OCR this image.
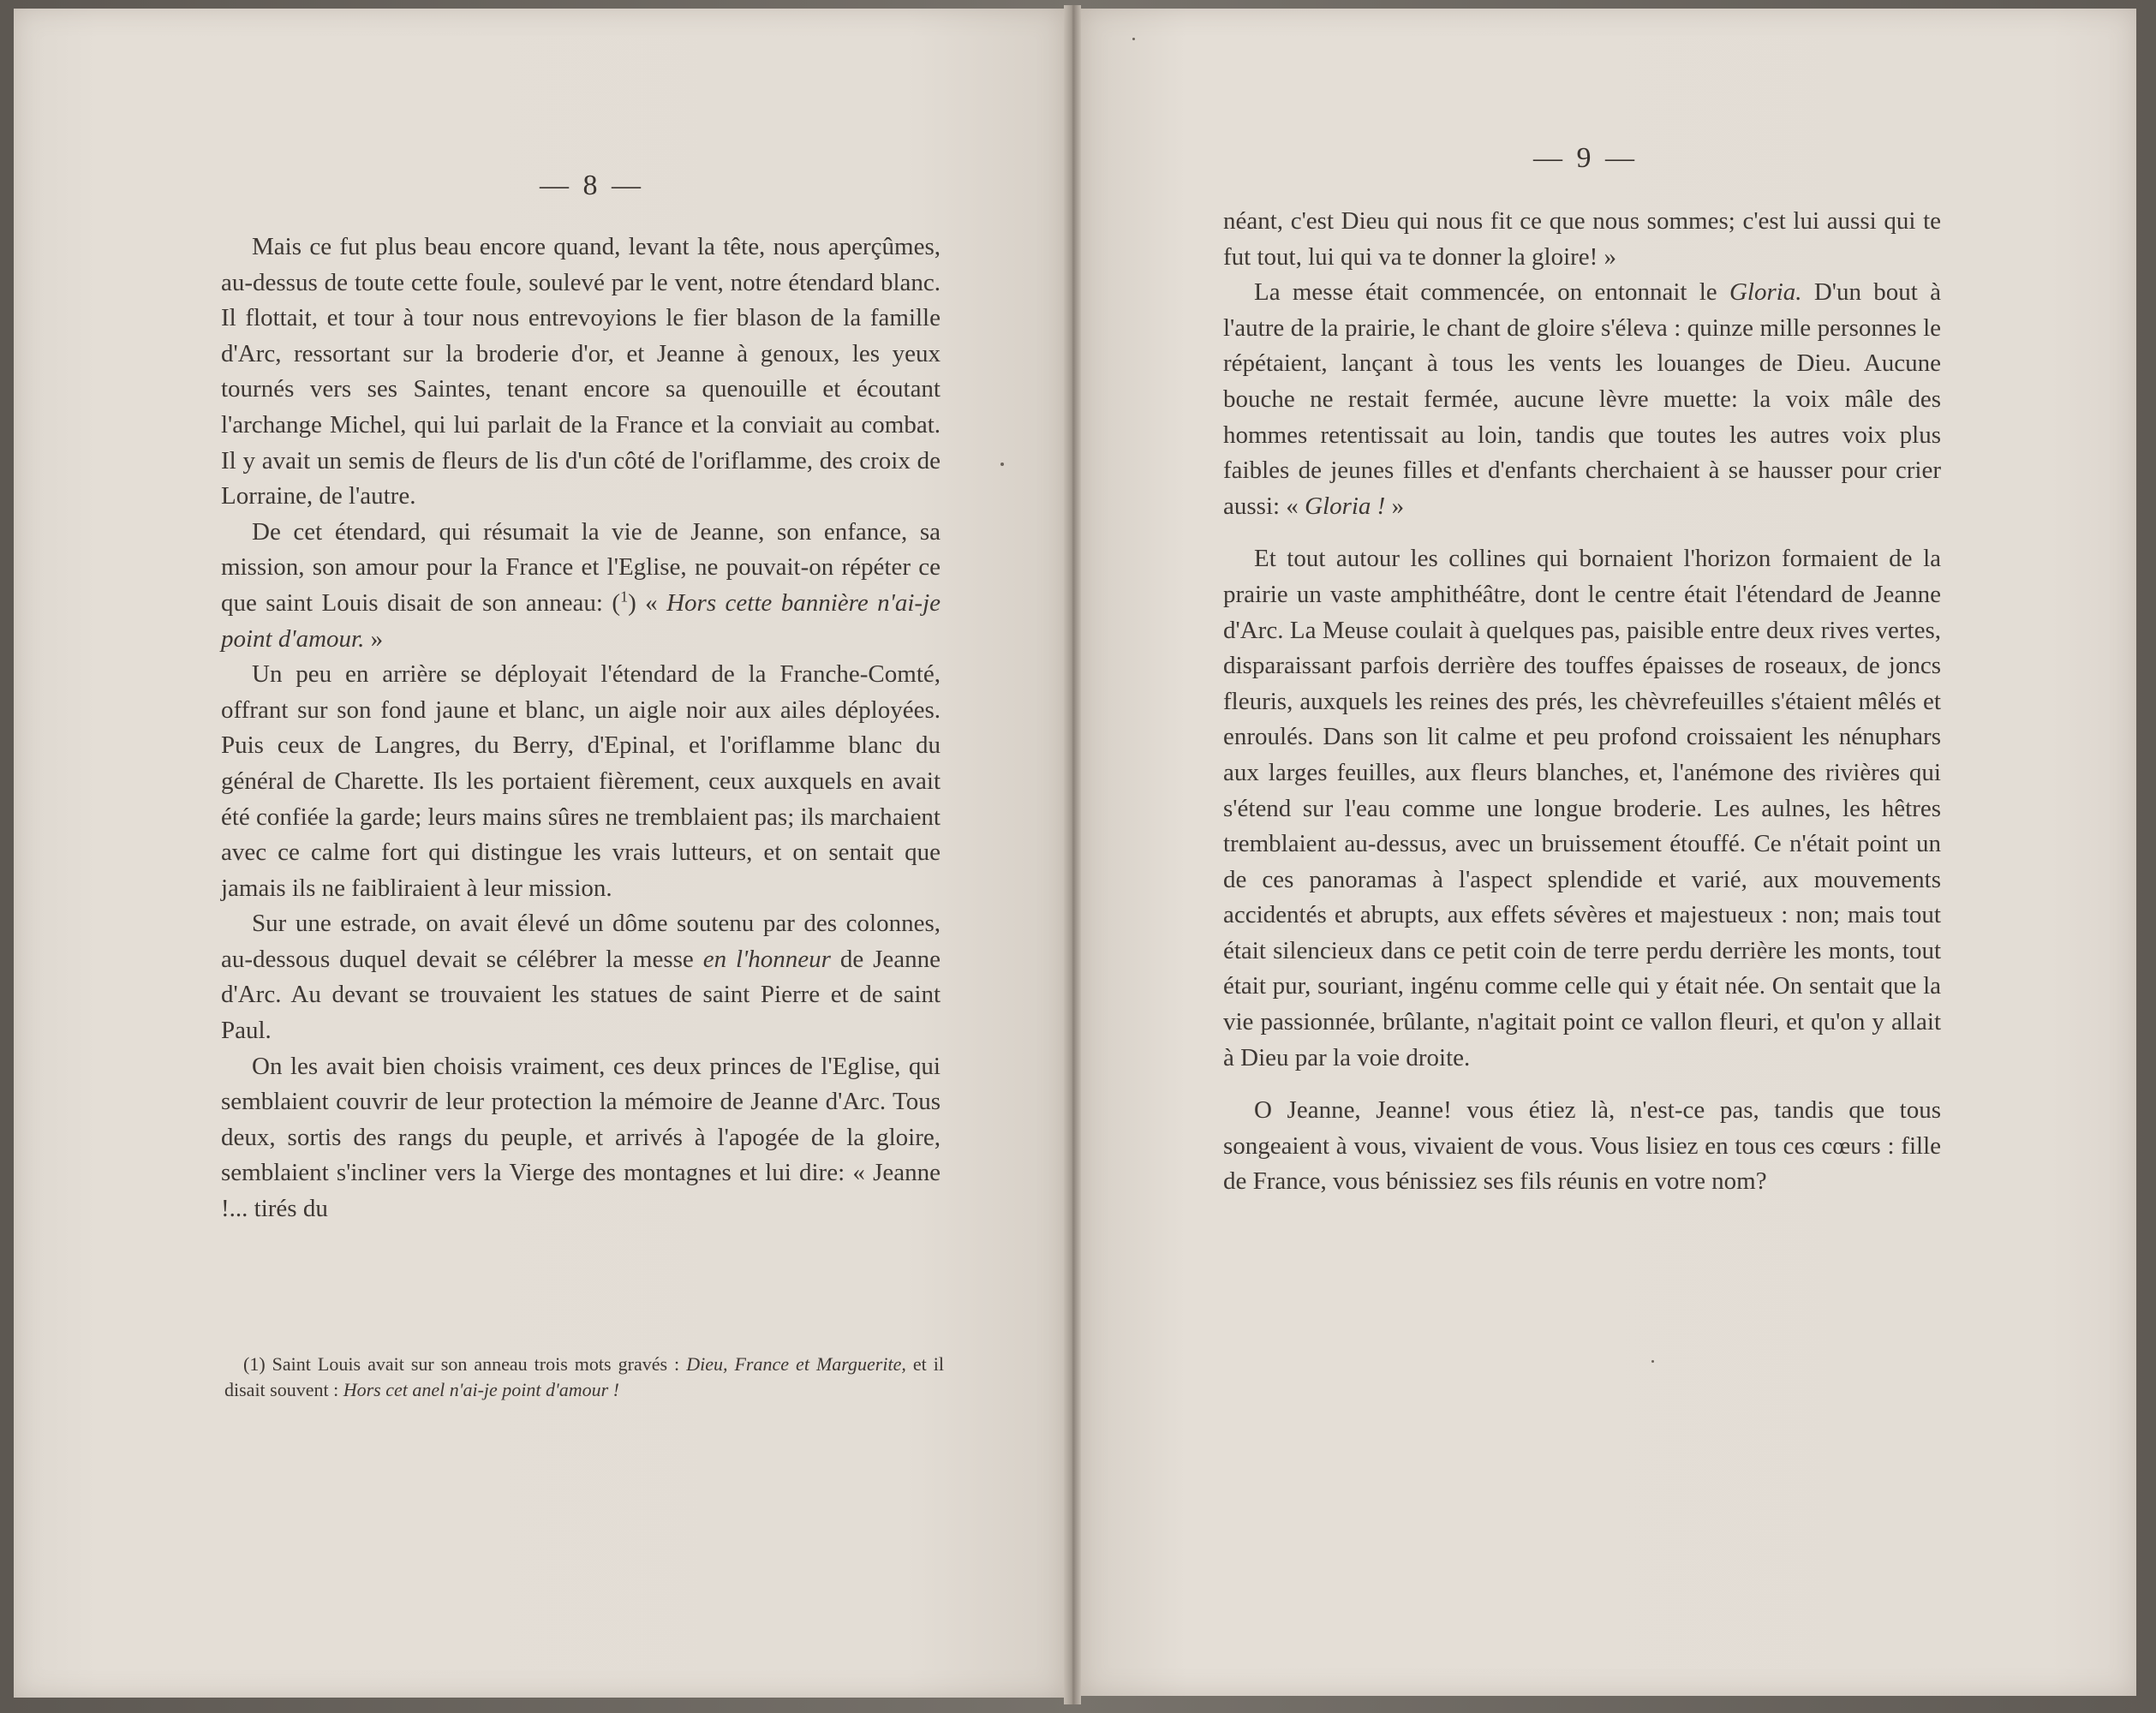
— 8 —

Mais ce fut plus beau encore quand, levant la tête, nous aperçûmes, au-dessus de toute cette foule, soulevé par le vent, notre étendard blanc. Il flottait, et tour à tour nous entrevoyions le fier blason de la famille d'Arc, ressortant sur la broderie d'or, et Jeanne à genoux, les yeux tournés vers ses Saintes, tenant encore sa quenouille et écoutant l'archange Michel, qui lui parlait de la France et la conviait au combat. Il y avait un semis de fleurs de lis d'un côté de l'oriflamme, des croix de Lorraine, de l'autre.

De cet étendard, qui résumait la vie de Jeanne, son enfance, sa mission, son amour pour la France et l'Eglise, ne pouvait-on répéter ce que saint Louis disait de son anneau: ($^1$) « Hors cette bannière n'ai-je point d'amour. »

Un peu en arrière se déployait l'étendard de la Franche-Comté, offrant sur son fond jaune et blanc, un aigle noir aux ailes déployées. Puis ceux de Langres, du Berry, d'Epinal, et l'oriflamme blanc du général de Charette. Ils les portaient fièrement, ceux auxquels en avait été confiée la garde; leurs mains sûres ne tremblaient pas; ils marchaient avec ce calme fort qui distingue les vrais lutteurs, et on sentait que jamais ils ne faibliraient à leur mission.

Sur une estrade, on avait élevé un dôme soutenu par des colonnes, au-dessous duquel devait se célébrer la messe en l'honneur de Jeanne d'Arc. Au devant se trouvaient les statues de saint Pierre et de saint Paul.

On les avait bien choisis vraiment, ces deux princes de l'Eglise, qui semblaient couvrir de leur protection la mémoire de Jeanne d'Arc. Tous deux, sortis des rangs du peuple, et arrivés à l'apogée de la gloire, semblaient s'incliner vers la Vierge des montagnes et lui dire: « Jeanne !... tirés du

(1) Saint Louis avait sur son anneau trois mots gravés : Dieu, France et Marguerite, et il disait souvent : Hors cet anel n'ai-je point d'amour !
— 9 —

néant, c'est Dieu qui nous fit ce que nous sommes; c'est lui aussi qui te fut tout, lui qui va te donner la gloire! »

La messe était commencée, on entonnait le Gloria. D'un bout à l'autre de la prairie, le chant de gloire s'éleva : quinze mille personnes le répétaient, lançant à tous les vents les louanges de Dieu. Aucune bouche ne restait fermée, aucune lèvre muette: la voix mâle des hommes retentissait au loin, tandis que toutes les autres voix plus faibles de jeunes filles et d'enfants cherchaient à se hausser pour crier aussi: « Gloria ! »

Et tout autour les collines qui bornaient l'horizon formaient de la prairie un vaste amphithéâtre, dont le centre était l'étendard de Jeanne d'Arc. La Meuse coulait à quelques pas, paisible entre deux rives vertes, disparaissant parfois derrière des touffes épaisses de roseaux, de joncs fleuris, auxquels les reines des prés, les chèvrefeuilles s'étaient mêlés et enroulés. Dans son lit calme et peu profond croissaient les nénuphars aux larges feuilles, aux fleurs blanches, et, l'anémone des rivières qui s'étend sur l'eau comme une longue broderie. Les aulnes, les hêtres tremblaient au-dessus, avec un bruissement étouffé. Ce n'était point un de ces panoramas à l'aspect splendide et varié, aux mouvements accidentés et abrupts, aux effets sévères et majestueux : non; mais tout était silencieux dans ce petit coin de terre perdu derrière les monts, tout était pur, souriant, ingénu comme celle qui y était née. On sentait que la vie passionnée, brûlante, n'agitait point ce vallon fleuri, et qu'on y allait à Dieu par la voie droite.

O Jeanne, Jeanne! vous étiez là, n'est-ce pas, tandis que tous songeaient à vous, vivaient de vous. Vous lisiez en tous ces cœurs : fille de France, vous bénissiez ses fils réunis en votre nom?
